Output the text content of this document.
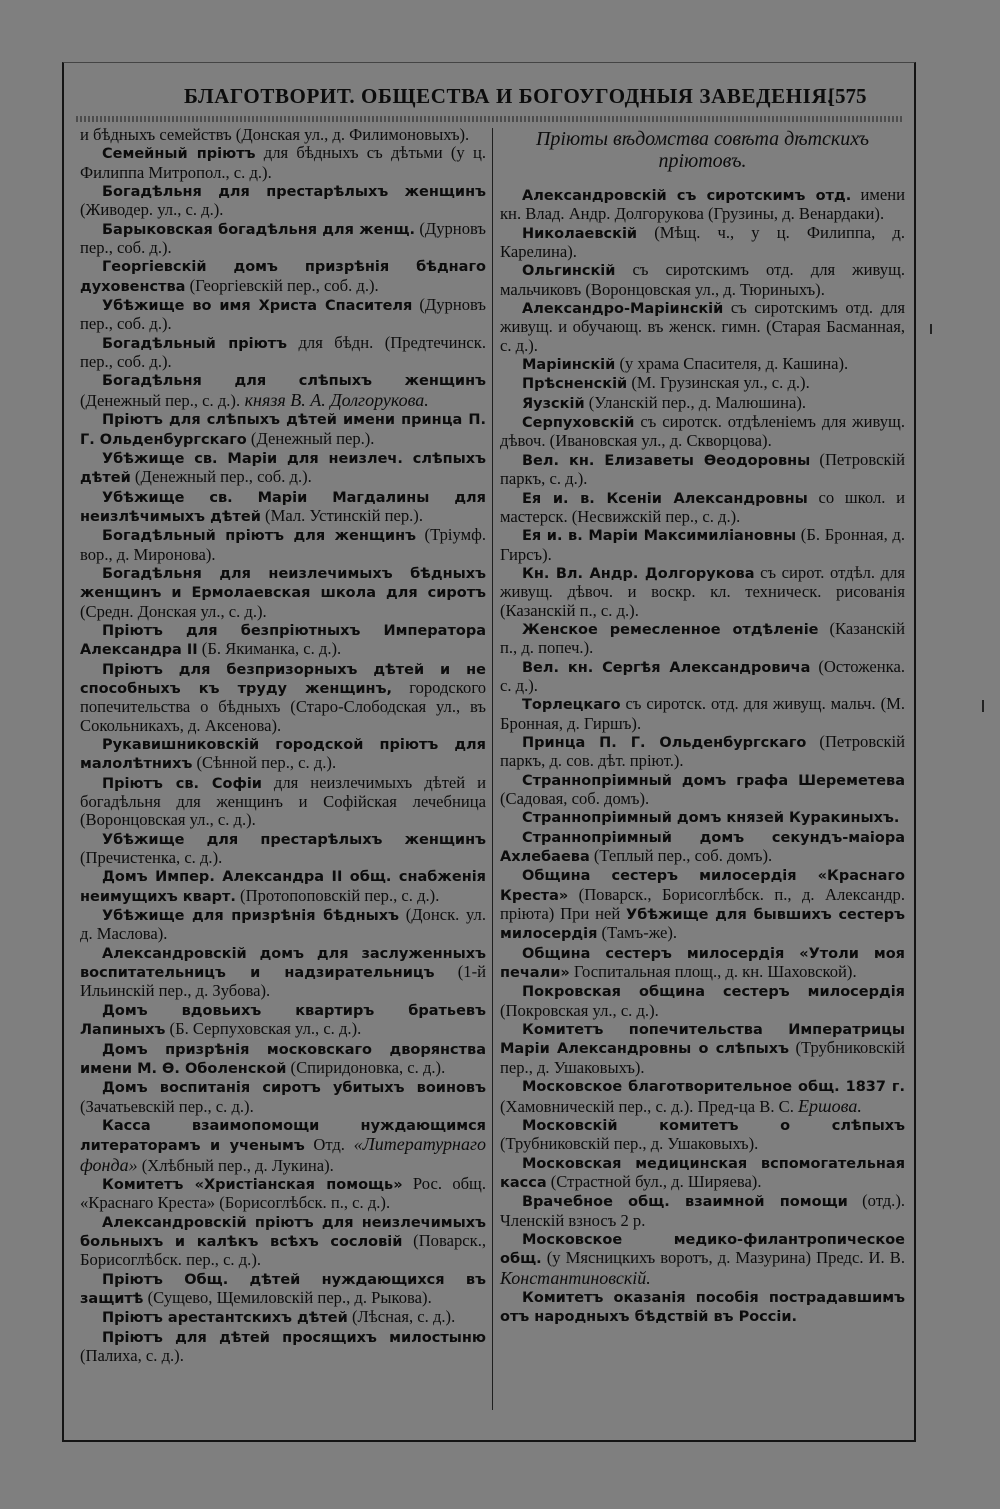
БЛАГОТВОРИТ. ОБЩЕСТВА И БОГОУГОДНЫЯ ЗАВЕДЕНІЯ.
[575

и бѣдныхъ семействъ (Донская ул., д. Филимоновыхъ).

Семейный пріютъ для бѣдныхъ съ дѣтьми (у ц. Филиппа Митропол., с. д.).

Богадѣльня для престарѣлыхъ женщинъ (Живодер. ул., с. д.).

Барыковская богадѣльня для женщ. (Дурновъ пер., соб. д.).

Георгіевскій домъ призрѣнія бѣднаго духовенства (Георгіевскій пер., соб. д.).

Убѣжище во имя Христа Спасителя (Дурновъ пер., соб. д.).

Богадѣльный пріютъ для бѣдн. (Предтечинск. пер., соб. д.).

Богадѣльня для слѣпыхъ женщинъ (Денежный пер., с. д.). князя В. А. Долгорукова.

Пріютъ для слѣпыхъ дѣтей имени принца П. Г. Ольденбургскаго (Денежный пер.).

Убѣжище св. Маріи для неизлеч. слѣпыхъ дѣтей (Денежный пер., соб. д.).

Убѣжище св. Маріи Магдалины для неизлѣчимыхъ дѣтей (Мал. Устинскій пер.).

Богадѣльный пріютъ для женщинъ (Тріумф. вор., д. Миронова).

Богадѣльня для неизлечимыхъ бѣдныхъ женщинъ и Ермолаевская школа для сиротъ (Средн. Донская ул., с. д.).

Пріютъ для безпріютныхъ Императора Александра II (Б. Якиманка, с. д.).

Пріютъ для безпризорныхъ дѣтей и не способныхъ къ труду женщинъ, городского попечительства о бѣдныхъ (Старо-Слободская ул., въ Сокольникахъ, д. Аксенова).

Рукавишниковскій городской пріютъ для малолѣтнихъ (Сѣнной пер., с. д.).

Пріютъ св. Софіи для неизлечимыхъ дѣтей и богадѣльня для женщинъ и Софійская лечебница (Воронцовская ул., с. д.).

Убѣжище для престарѣлыхъ женщинъ (Пречистенка, с. д.).

Домъ Импер. Александра II общ. снабженія неимущихъ кварт. (Протопоповскій пер., с. д.).

Убѣжище для призрѣнія бѣдныхъ (Донск. ул. д. Маслова).

Александровскій домъ для заслуженныхъ воспитательницъ и надзирательницъ (1-й Ильинскій пер., д. Зубова).

Домъ вдовьихъ квартиръ братьевъ Лапиныхъ (Б. Серпуховская ул., с. д.).

Домъ призрѣнія московскаго дворянства имени М. Ѳ. Оболенской (Спиридоновка, с. д.).

Домъ воспитанія сиротъ убитыхъ воиновъ (Зачатьевскій пер., с. д.).

Касса взаимопомощи нуждающимся литераторамъ и ученымъ Отд. «Литературнаго фонда» (Хлѣбный пер., д. Лукина).

Комитетъ «Христіанская помощь» Рос. общ. «Краснаго Креста» (Борисоглѣбск. п., с. д.).

Александровскій пріютъ для неизлечимыхъ больныхъ и калѣкъ всѣхъ сословій (Поварск., Борисоглѣбск. пер., с. д.).

Пріютъ Общ. дѣтей нуждающихся въ защитѣ (Сущево, Щемиловскій пер., д. Рыкова).

Пріютъ арестантскихъ дѣтей (Лѣсная, с. д.).

Пріютъ для дѣтей просящихъ милостыню (Палиха, с. д.).

Пріюты вѣдомства совѣта дѣтскихъ пріютовъ.

Александровскій съ сиротскимъ отд. имени кн. Влад. Андр. Долгорукова (Грузины, д. Венардаки).

Николаевскій (Мѣщ. ч., у ц. Филиппа, д. Карелина).

Ольгинскій съ сиротскимъ отд. для живущ. мальчиковъ (Воронцовская ул., д. Тюриныхъ).

Александро-Маріинскій съ сиротскимъ отд. для живущ. и обучающ. въ женск. гимн. (Старая Басманная, с. д.).

Маріинскій (у храма Спасителя, д. Кашина).

Прѣсненскій (М. Грузинская ул., с. д.).

Яузскій (Уланскій пер., д. Малюшина).

Серпуховскій съ сиротск. отдѣленіемъ для живущ. дѣвоч. (Ивановская ул., д. Скворцова).

Вел. кн. Елизаветы Ѳеодоровны (Петровскій паркъ, с. д.).

Ея и. в. Ксеніи Александровны со школ. и мастерск. (Несвижскій пер., с. д.).

Ея и. в. Маріи Максимиліановны (Б. Бронная, д. Гирсъ).

Кн. Вл. Андр. Долгорукова съ сирот. отдѣл. для живущ. дѣвоч. и воскр. кл. техническ. рисованія (Казанскій п., с. д.).

Женское ремесленное отдѣленіе (Казанскій п., д. попеч.).

Вел. кн. Сергѣя Александровича (Остоженка. с. д.).

Торлецкаго съ сиротск. отд. для живущ. мальч. (М. Бронная, д. Гиршъ).

Принца П. Г. Ольденбургскаго (Петровскій паркъ, д. сов. дѣт. пріют.).

Страннопріимный домъ графа Шереметева (Садовая, соб. домъ).

Страннопріимный домъ князей Куракиныхъ.

Страннопріимный домъ секундъ-маіора Ахлебаева (Теплый пер., соб. домъ).

Община сестеръ милосердія «Краснаго Креста» (Поварск., Борисоглѣбск. п., д. Александр. пріюта) При ней Убѣжище для бывшихъ сестеръ милосердія (Тамъ-же).

Община сестеръ милосердія «Утоли моя печали» Госпитальная площ., д. кн. Шаховской).

Покровская община сестеръ милосердія (Покровская ул., с. д.).

Комитетъ попечительства Императрицы Маріи Александровны о слѣпыхъ (Трубниковскій пер., д. Ушаковыхъ).

Московское благотворительное общ. 1837 г. (Хамовническій пер., с. д.). Пред-ца В. С. Ершова.

Московскій комитетъ о слѣпыхъ (Трубниковскій пер., д. Ушаковыхъ).

Московская медицинская вспомогательная касса (Страстной бул., д. Ширяева).

Врачебное общ. взаимной помощи (отд.). Членскій взносъ 2 р.

Московское медико-филантропическое общ. (у Мясницкихъ воротъ, д. Мазурина) Предс. И. В. Константиновскій.

Комитетъ оказанія пособія пострадавшимъ отъ народныхъ бѣдствій въ Россіи.
